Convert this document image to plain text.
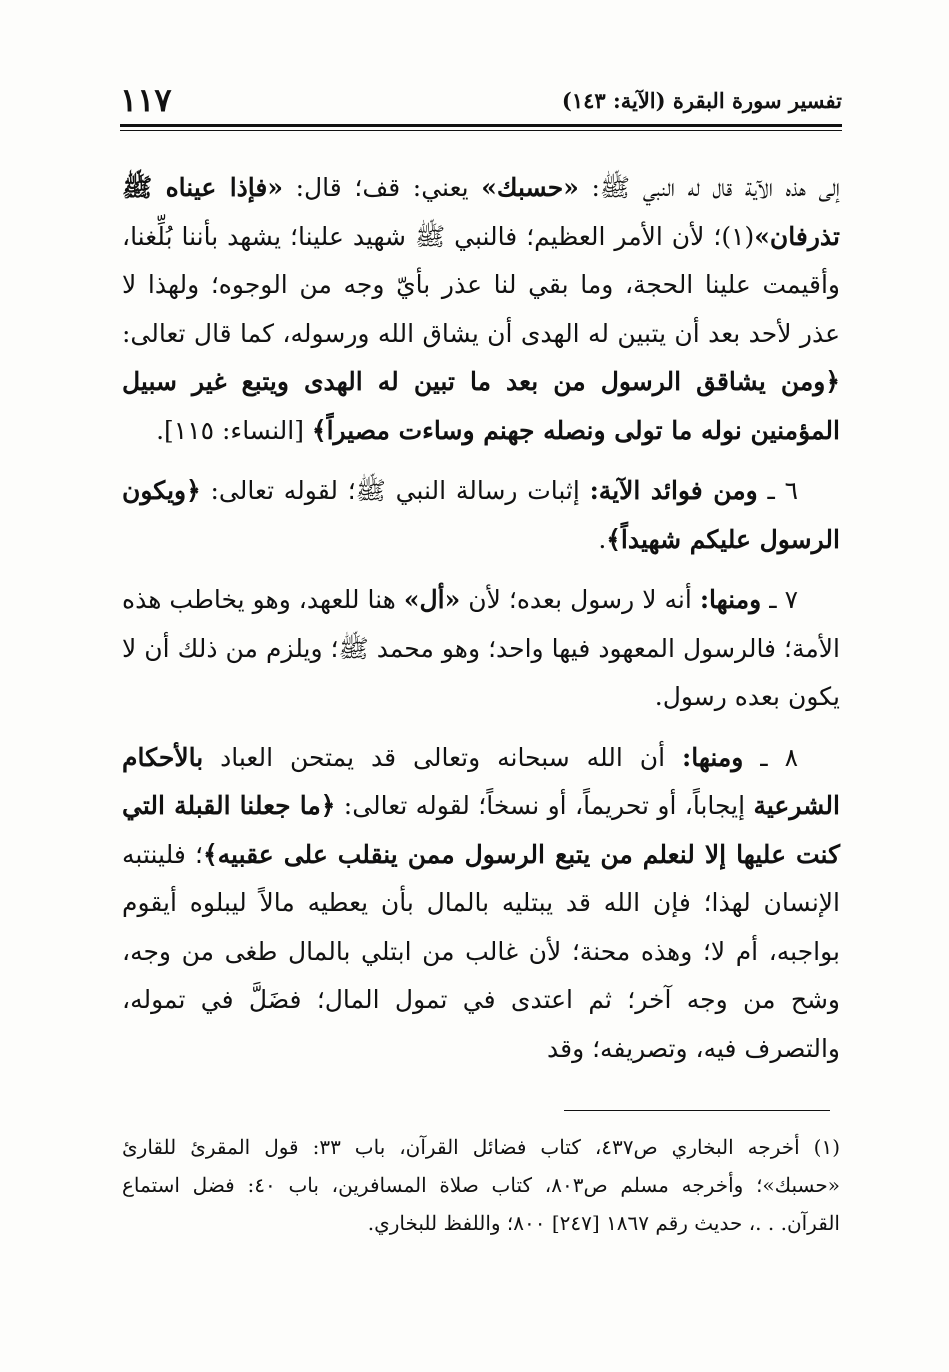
تفسير سورة البقرة (الآية: ١٤٣)
١١٧

إلى هذه الآية قال له النبي ﷺ: «حسبك» يعني: قف؛ قال: «فإذا عيناه ﷺ تذرفان»(١)؛ لأن الأمر العظيم؛ فالنبي ﷺ شهيد علينا؛ يشهد بأننا بُلِّغنا، وأقيمت علينا الحجة، وما بقي لنا عذر بأيّ وجه من الوجوه؛ ولهذا لا عذر لأحد بعد أن يتبين له الهدى أن يشاق الله ورسوله، كما قال تعالى: ﴿ومن يشاقق الرسول من بعد ما تبين له الهدى ويتبع غير سبيل المؤمنين نوله ما تولى ونصله جهنم وساءت مصيراً﴾ [النساء: ١١٥].

٦ ـ ومن فوائد الآية: إثبات رسالة النبي ﷺ؛ لقوله تعالى: ﴿ويكون الرسول عليكم شهيداً﴾.

٧ ـ ومنها: أنه لا رسول بعده؛ لأن «أل» هنا للعهد، وهو يخاطب هذه الأمة؛ فالرسول المعهود فيها واحد؛ وهو محمد ﷺ؛ ويلزم من ذلك أن لا يكون بعده رسول.

٨ ـ ومنها: أن الله سبحانه وتعالى قد يمتحن العباد بالأحكام الشرعية إيجاباً، أو تحريماً، أو نسخاً؛ لقوله تعالى: ﴿ما جعلنا القبلة التي كنت عليها إلا لنعلم من يتبع الرسول ممن ينقلب على عقبيه﴾؛ فلينتبه الإنسان لهذا؛ فإن الله قد يبتليه بالمال بأن يعطيه مالاً ليبلوه أيقوم بواجبه، أم لا؛ وهذه محنة؛ لأن غالب من ابتلي بالمال طغى من وجه، وشح من وجه آخر؛ ثم اعتدى في تمول المال؛ فضَلَّ في تموله، والتصرف فيه، وتصريفه؛ وقد

(١) أخرجه البخاري ص٤٣٧، كتاب فضائل القرآن، باب ٣٣: قول المقرئ للقارئ «حسبك»؛ وأخرجه مسلم ص٨٠٣، كتاب صلاة المسافرين، باب ٤٠: فضل استماع القرآن. . .، حديث رقم ١٨٦٧ [٢٤٧] ٨٠٠؛ واللفظ للبخاري.
